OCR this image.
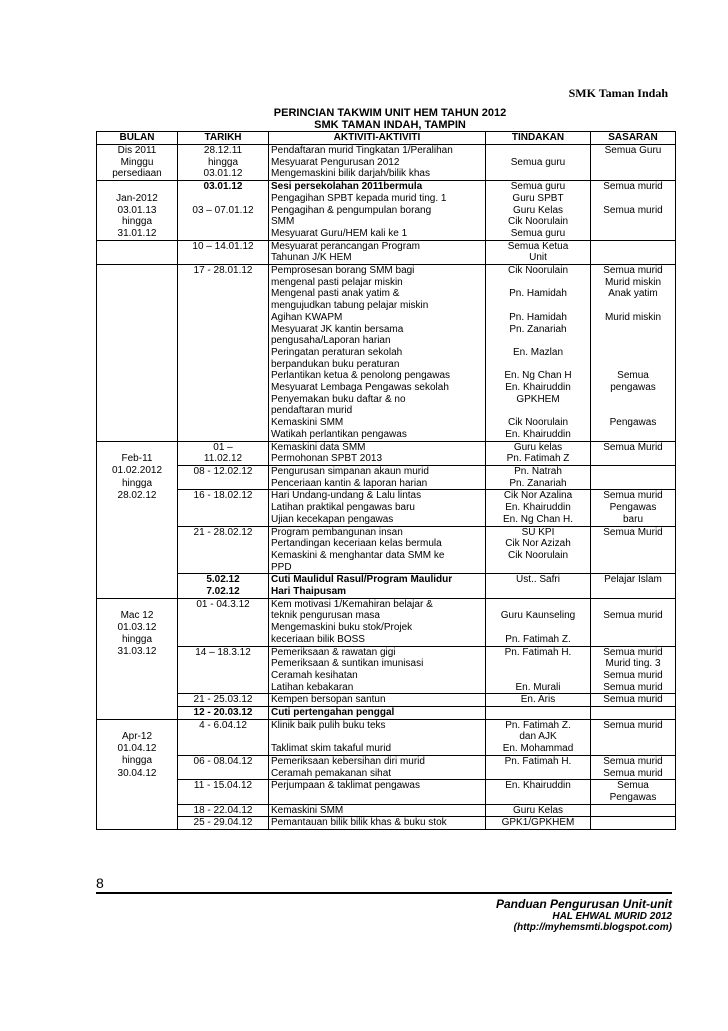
SMK Taman Indah
PERINCIAN TAKWIM UNIT HEM TAHUN 2012
SMK TAMAN INDAH, TAMPIN
BULAN	TARIKH	AKTIVITI-AKTIVITI	TINDAKAN	SASARAN
Dis 2011	28.12.11	Pendaftaran murid Tingkatan 1/Peralihan		Semua Guru
Minggu	hingga	Mesyuarat Pengurusan 2012	Semua guru	
persediaan	03.01.12	Mengemaskini bilik darjah/bilik khas		
	03.01.12	Sesi persekolahan 2011bermula	Semua guru	Semua murid
Jan-2012		Pengagihan SPBT kepada murid ting. 1	Guru SPBT	
03.01.13	03 – 07.01.12	Pengagihan & pengumpulan borang	Guru Kelas	Semua murid
hingga		SMM	Cik Noorulain	
31.01.12		Mesyuarat Guru/HEM kali ke 1	Semua guru	
	10 – 14.01.12	Mesyuarat perancangan Program	Semua Ketua	
		Tahunan J/K HEM	Unit	
	17 - 28.01.12	Pemprosesan borang SMM bagi	Cik Noorulain	Semua murid
		mengenal pasti pelajar miskin		Murid miskin
		Mengenal pasti anak yatim &	Pn. Hamidah	Anak yatim
		mengujudkan tabung pelajar miskin		
		Agihan KWAPM	Pn. Hamidah	Murid miskin
		Mesyuarat JK kantin bersama	Pn. Zanariah	
		pengusaha/Laporan harian		
		Peringatan peraturan sekolah	En. Mazlan	
		berpandukan buku peraturan		
		Perlantikan ketua & penolong pengawas	En. Ng Chan H	Semua
		Mesyuarat Lembaga Pengawas sekolah	En. Khairuddin	pengawas
		Penyemakan buku daftar & no	GPKHEM	
		pendaftaran murid		
		Kemaskini SMM	Cik Noorulain	Pengawas
		Watikah perlantikan pengawas	En. Khairuddin	
	01 –	Kemaskini data SMM	Guru kelas	Semua Murid
Feb-11	11.02.12	Permohonan SPBT 2013	Pn. Fatimah Z	
01.02.2012	08 - 12.02.12	Pengurusan simpanan akaun murid	Pn. Natrah	
hingga		Penceriaan kantin & laporan harian	Pn. Zanariah	
28.02.12	16 - 18.02.12	Hari Undang-undang & Lalu lintas	Cik Nor Azalina	Semua murid
		Latihan praktikal pengawas baru	En. Khairuddin	Pengawas
		Ujian kecekapan pengawas	En. Ng Chan H.	baru
	21 - 28.02.12	Program pembangunan insan	SU KPI	Semua Murid
		Pertandingan keceriaan kelas bermula	Cik Nor Azizah	
		Kemaskini & menghantar data SMM ke	Cik Noorulain	
		PPD		
	5.02.12	Cuti Maulidul Rasul/Program Maulidur	Ust.. Safri	Pelajar Islam
	7.02.12	Hari Thaipusam		
	01 - 04.3.12	Kem motivasi 1/Kemahiran belajar &		
Mac 12		teknik pengurusan masa	Guru Kaunseling	Semua murid
01.03.12		Mengemaskini buku stok/Projek		
hingga		keceriaan bilik BOSS	Pn. Fatimah Z.	
31.03.12	14 – 18.3.12	Pemeriksaan & rawatan gigi	Pn. Fatimah H.	Semua murid
		Pemeriksaan & suntikan imunisasi		Murid ting. 3
		Ceramah kesihatan		Semua murid
		Latihan kebakaran	En. Murali	Semua murid
	21 - 25.03.12	Kempen bersopan santun	En. Aris	Semua murid
	12 - 20.03.12	Cuti pertengahan penggal		
	4 - 6.04.12	Klinik baik pulih buku teks	Pn. Fatimah Z.	Semua murid
Apr-12			dan AJK	
01.04.12		Taklimat skim takaful murid	En. Mohammad	
hingga	06 - 08.04.12	Pemeriksaan kebersihan diri murid	Pn. Fatimah H.	Semua murid
30.04.12		Ceramah pemakanan sihat		Semua murid
	11 - 15.04.12	Perjumpaan & taklimat pengawas	En. Khairuddin	Semua
				Pengawas
	18 - 22.04.12	Kemaskini SMM	Guru Kelas	
	25 - 29.04.12	Pemantauan bilik bilik khas & buku stok	GPK1/GPKHEM	
8
Panduan Pengurusan Unit-unit
HAL EHWAL MURID 2012
(http://myhemsmti.blogspot.com)
